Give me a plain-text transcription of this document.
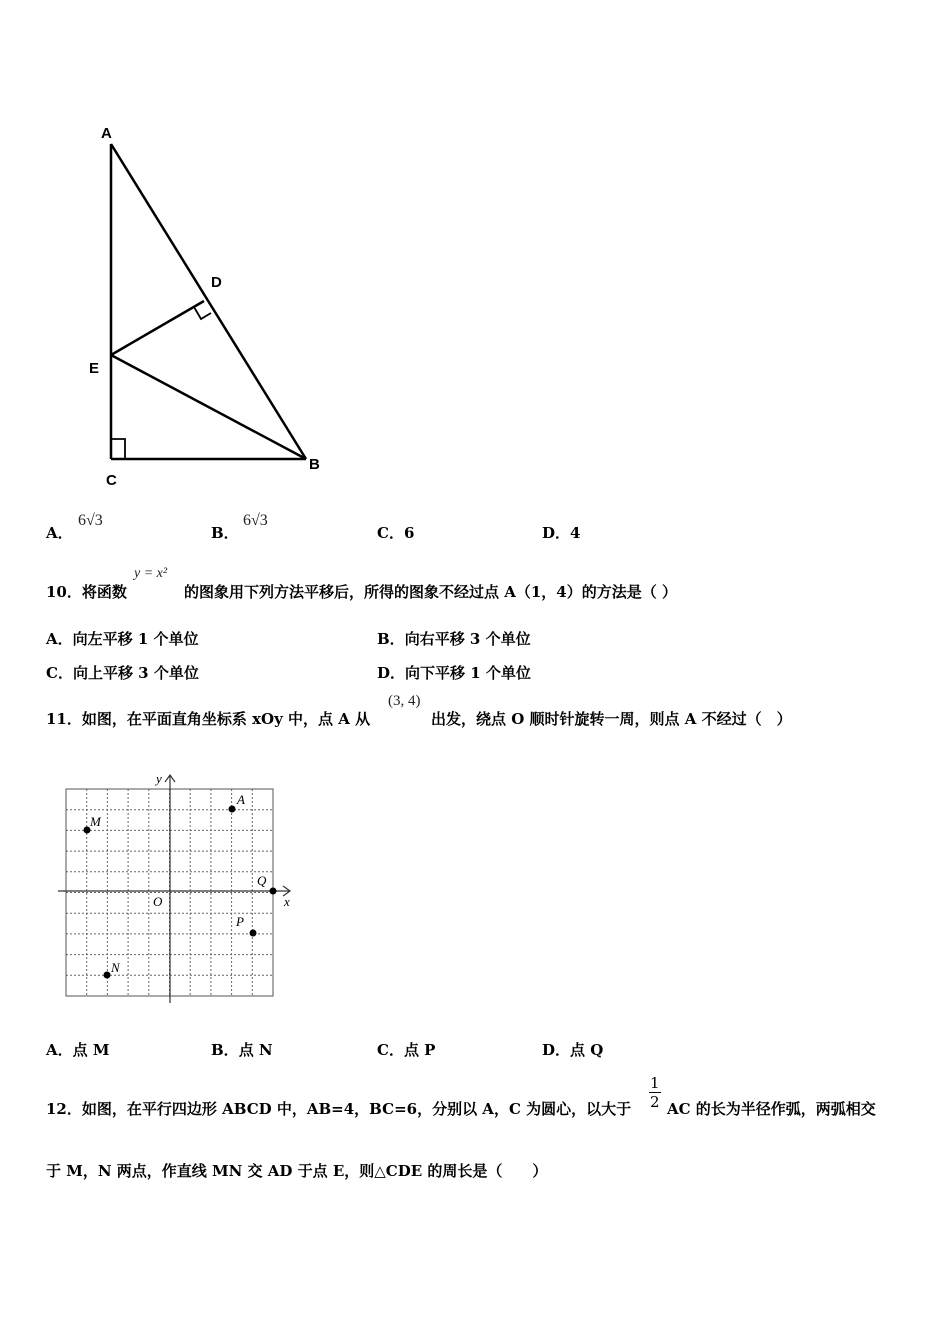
A
D
E
C
B
A．
6√3
B．
6√3
C．6	D．4
10．将函数
y = x²
的图象用下列方法平移后，所得的图象不经过点 A（1，4）的方法是（ ）
A．向左平移 1 个单位	B．向右平移 3 个单位
C．向上平移 3 个单位	D．向下平移 1 个单位
11．如图，在平面直角坐标系 xOy 中，点 A 从
(3, 4)
出发，绕点 O 顺时针旋转一周，则点 A 不经过（　）
y
x
O
A
M
Q
P
N
A．点 M	B．点 N	C．点 P	D．点 Q
12．如图，在平行四边形 ABCD 中，AB=4，BC=6，分别以 A，C 为圆心，以大于 $\frac{1}{2}$ AC 的长为半径作弧，两弧相交
于 M，N 两点，作直线 MN 交 AD 于点 E，则△CDE 的周长是（　　）
